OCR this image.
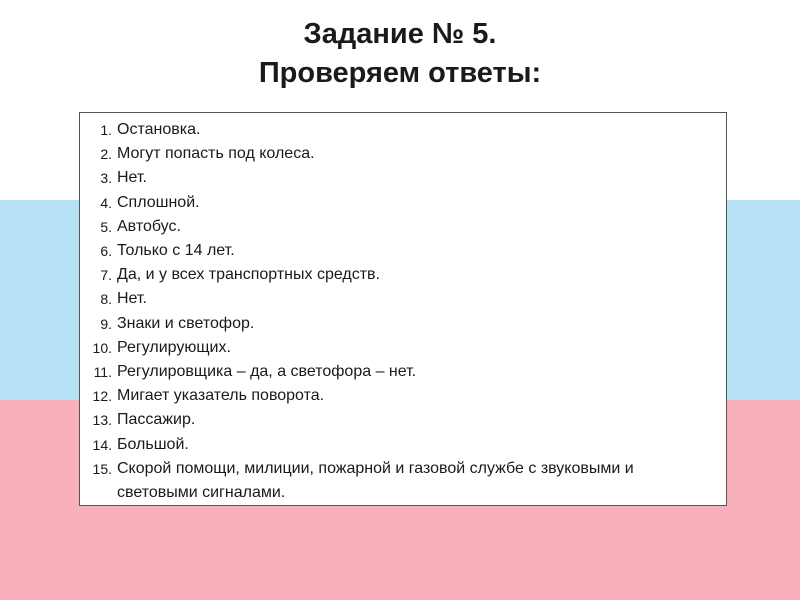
Задание № 5.
Проверяем ответы:
1. Остановка.
2. Могут попасть под колеса.
3. Нет.
4. Сплошной.
5. Автобус.
6. Только с 14 лет.
7. Да, и у всех транспортных средств.
8. Нет.
9. Знаки и светофор.
10. Регулирующих.
11. Регулировщика – да, а светофора – нет.
12. Мигает указатель поворота.
13. Пассажир.
14. Большой.
15. Скорой помощи, милиции, пожарной и газовой службе с звуковыми и световыми сигналами.
